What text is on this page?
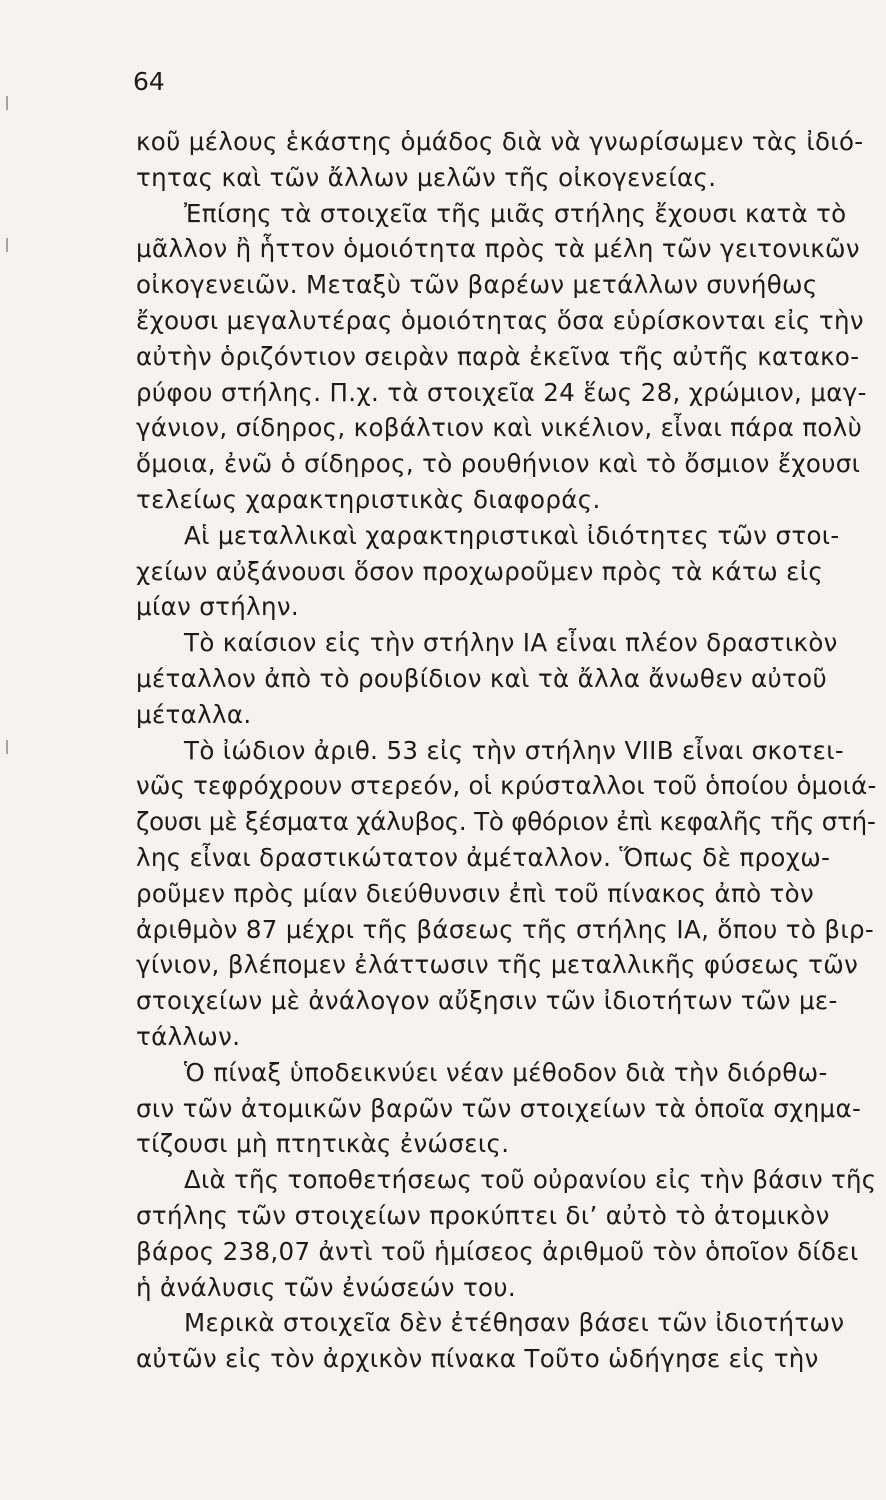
64
κοῦ μέλους ἑκάστης ὁμάδος διὰ νὰ γνωρίσωμεν τὰς ἰδιό-
τητας καὶ τῶν ἄλλων μελῶν τῆς οἰκογενείας.
Ἐπίσης τὰ στοιχεῖα τῆς μιᾶς στήλης ἔχουσι κατὰ τὸ
μᾶλλον ἢ ἧττον ὁμοιότητα πρὸς τὰ μέλη τῶν γειτονικῶν
οἰκογενειῶν. Μεταξὺ τῶν βαρέων μετάλλων συνήθως
ἔχουσι μεγαλυτέρας ὁμοιότητας ὅσα εὑρίσκονται εἰς τὴν
αὐτὴν ὁριζόντιον σειρὰν παρὰ ἐκεῖνα τῆς αὐτῆς κατακο-
ρύφου στήλης. Π.χ. τὰ στοιχεῖα 24 ἕως 28, χρώμιον, μαγ-
γάνιον, σίδηρος, κοβάλτιον καὶ νικέλιον, εἶναι πάρα πολὺ
ὅμοια, ἐνῶ ὁ σίδηρος, τὸ ρουθήνιον καὶ τὸ ὄσμιον ἔχουσι
τελείως χαρακτηριστικὰς διαφοράς.
Αἱ μεταλλικαὶ χαρακτηριστικαὶ ἰδιότητες τῶν στοι-
χείων αὐξάνουσι ὅσον προχωροῦμεν πρὸς τὰ κάτω εἰς
μίαν στήλην.
Τὸ καίσιον εἰς τὴν στήλην ΙΑ εἶναι πλέον δραστικὸν
μέταλλον ἀπὸ τὸ ρουβίδιον καὶ τὰ ἄλλα ἄνωθεν αὐτοῦ
μέταλλα.
Τὸ ἰώδιον ἀριθ. 53 εἰς τὴν στήλην VIIB εἶναι σκοτει-
νῶς τεφρόχρουν στερεόν, οἱ κρύσταλλοι τοῦ ὁποίου ὁμοιά-
ζουσι μὲ ξέσματα χάλυβος. Τὸ φθόριον ἐπὶ κεφαλῆς τῆς στή-
λης εἶναι δραστικώτατον ἀμέταλλον. Ὅπως δὲ προχω-
ροῦμεν πρὸς μίαν διεύθυνσιν ἐπὶ τοῦ πίνακος ἀπὸ τὸν
ἀριθμὸν 87 μέχρι τῆς βάσεως τῆς στήλης ΙΑ, ὅπου τὸ βιρ-
γίνιον, βλέπομεν ἐλάττωσιν τῆς μεταλλικῆς φύσεως τῶν
στοιχείων μὲ ἀνάλογον αὔξησιν τῶν ἰδιοτήτων τῶν με-
τάλλων.
Ὁ πίναξ ὑποδεικνύει νέαν μέθοδον διὰ τὴν διόρθω-
σιν τῶν ἀτομικῶν βαρῶν τῶν στοιχείων τὰ ὁποῖα σχημα-
τίζουσι μὴ πτητικὰς ἐνώσεις.
Διὰ τῆς τοποθετήσεως τοῦ οὐρανίου εἰς τὴν βάσιν τῆς
στήλης τῶν στοιχείων προκύπτει δι’ αὐτὸ τὸ ἀτομικὸν
βάρος 238,07 ἀντὶ τοῦ ἡμίσεος ἀριθμοῦ τὸν ὁποῖον δίδει
ἡ ἀνάλυσις τῶν ἐνώσεών του.
Μερικὰ στοιχεῖα δὲν ἐτέθησαν βάσει τῶν ἰδιοτήτων
αὐτῶν εἰς τὸν ἀρχικὸν πίνακα Τοῦτο ὡδήγησε εἰς τὴν
